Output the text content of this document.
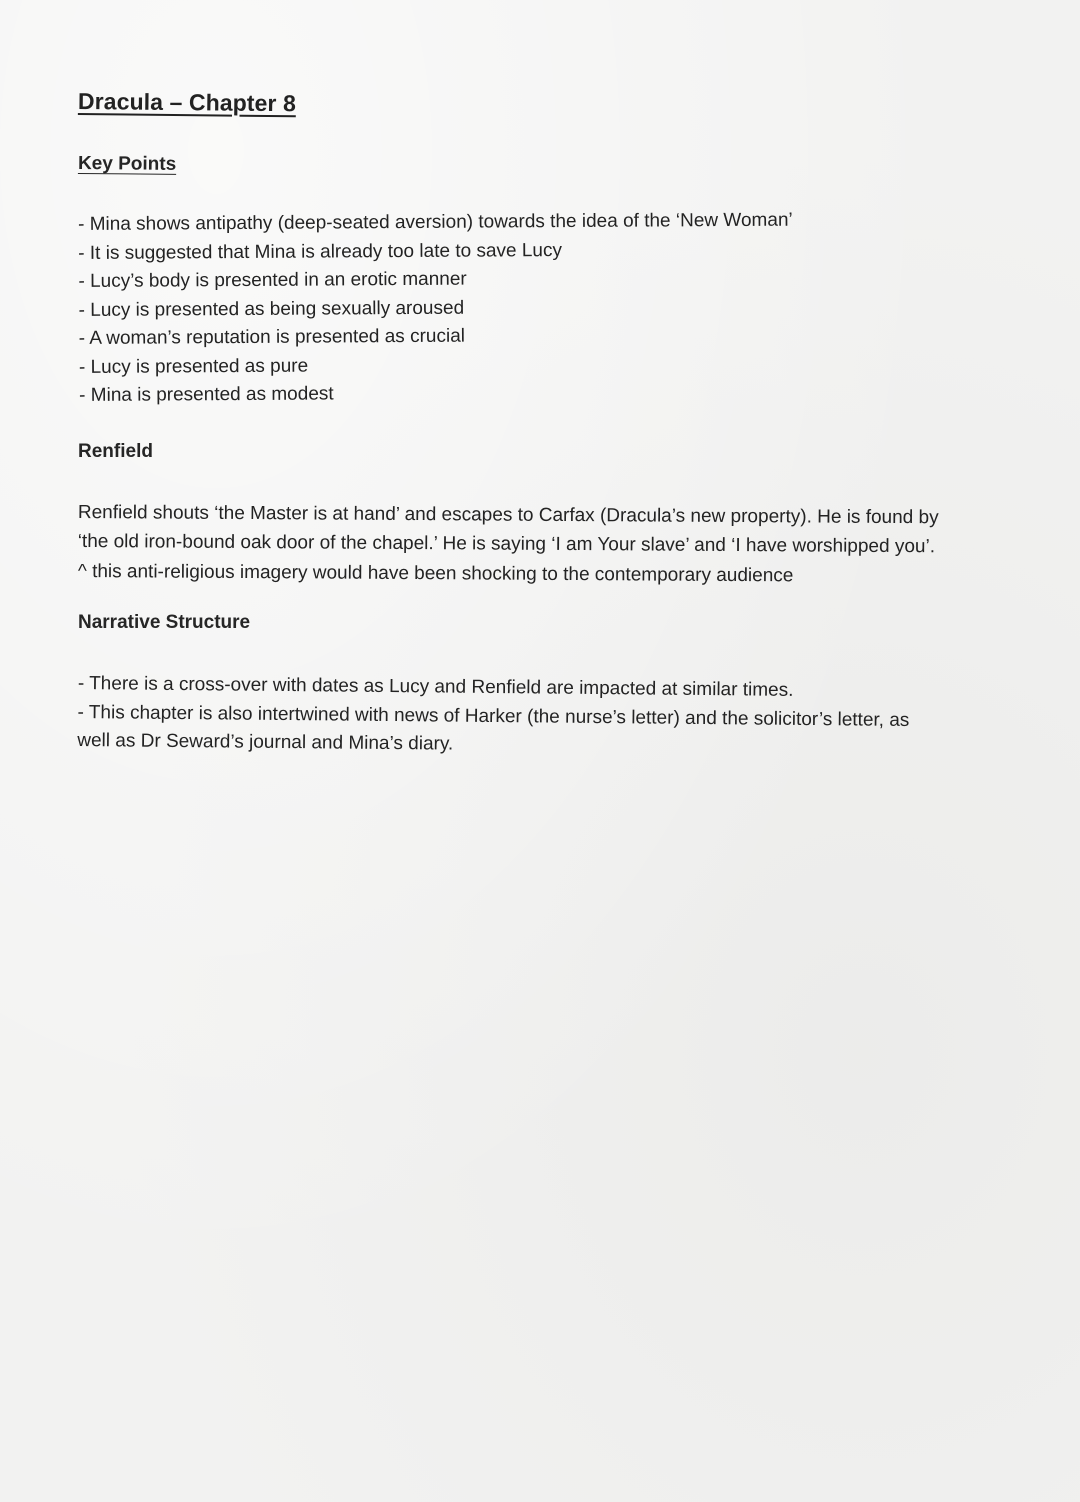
Dracula – Chapter 8
Key Points
- Mina shows antipathy (deep-seated aversion) towards the idea of the ‘New Woman’
- It is suggested that Mina is already too late to save Lucy
- Lucy’s body is presented in an erotic manner
- Lucy is presented as being sexually aroused
- A woman’s reputation is presented as crucial
- Lucy is presented as pure
- Mina is presented as modest
Renfield

Renfield shouts ‘the Master is at hand’ and escapes to Carfax (Dracula’s new property). He is found by ‘the old iron-bound oak door of the chapel.’ He is saying ‘I am Your slave’ and ‘I have worshipped you’.

^ this anti-religious imagery would have been shocking to the contemporary audience

Narrative Structure
- There is a cross-over with dates as Lucy and Renfield are impacted at similar times.
- This chapter is also intertwined with news of Harker (the nurse’s letter) and the solicitor’s letter, as well as Dr Seward’s journal and Mina’s diary.
